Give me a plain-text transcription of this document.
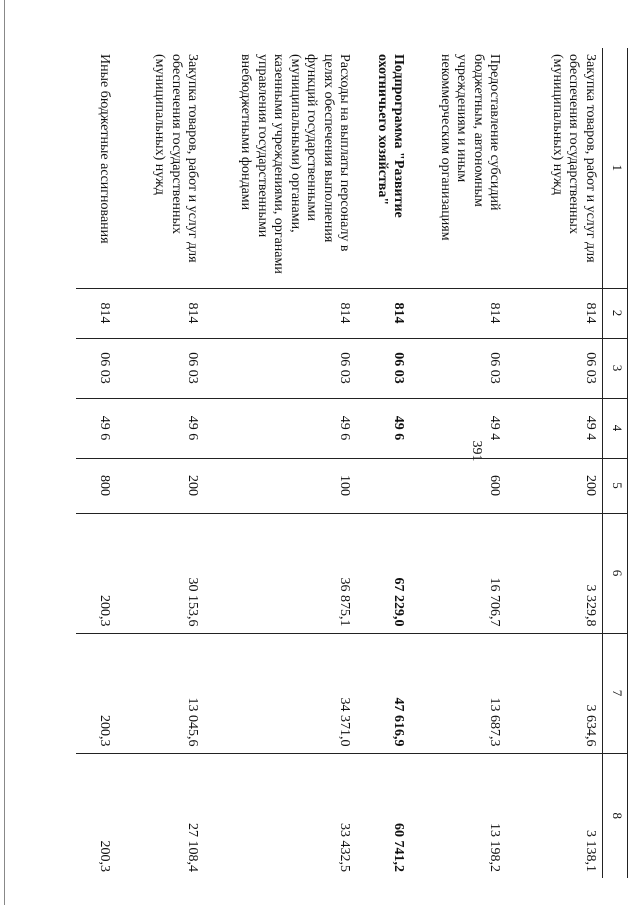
391
1	2	3	4	5	6	7	8
Закупка товаров, работ и услуг для обеспечения государственных (муниципальных) нужд	814	06 03	49 4	200	3 329,8	3 634,6	3 138,1
Предоставление субсидий бюджетным, автономным учреждениям и иным некоммерческим организациям	814	06 03	49 4	600	16 706,7	13 687,3	13 198,2
Подпрограмма "Развитие охотничьего хозяйства"	814	06 03	49 6		67 229,0	47 616,9	60 741,2
Расходы на выплаты персоналу в целях обеспечения выполнения функций государственными (муниципальными) органами, казенными учреждениями, органами управления государственными внебюджетными фондами	814	06 03	49 6	100	36 875,1	34 371,0	33 432,5
Закупка товаров, работ и услуг для обеспечения государственных (муниципальных) нужд	814	06 03	49 6	200	30 153,6	13 045,6	27 108,4
Иные бюджетные ассигнования	814	06 03	49 6	800	200,3	200,3	200,3
